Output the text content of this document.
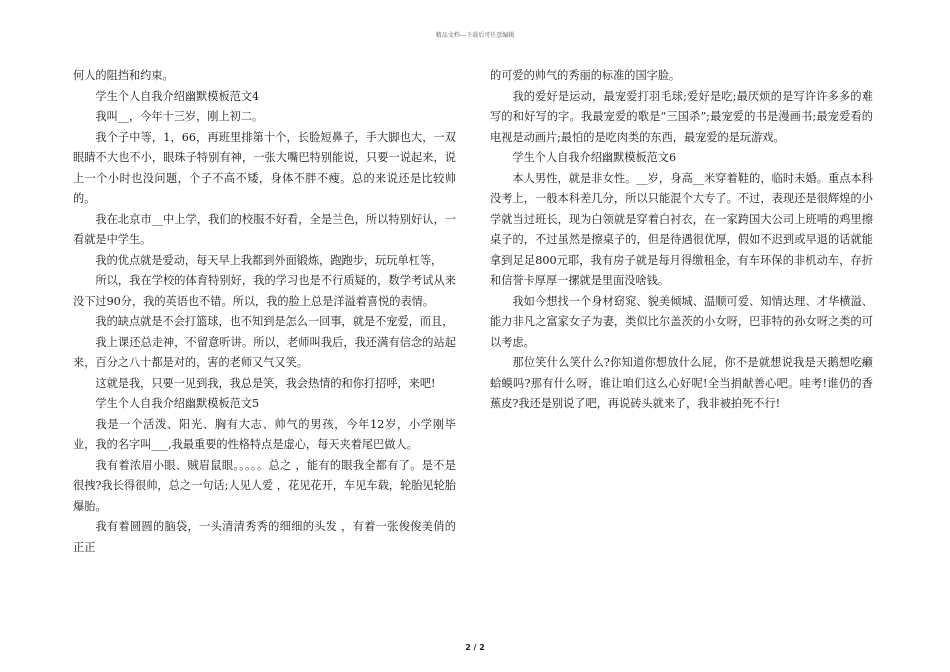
精品文档---下载后可任意编辑

何人的阻挡和约束。

学生个人自我介绍幽默模板范文4

我叫__，今年十三岁，刚上初二。

我个子中等，1，66，再班里排第十个，长脸短鼻子，手大脚也大，一双眼睛不大也不小，眼珠子特别有神，一张大嘴巴特别能说，只要一说起来，说上一个小时也没问题，个子不高不矮，身体不胖不瘦。总的来说还是比较帅的。

我在北京市__中上学，我们的校服不好看，全是兰色，所以特别好认，一看就是中学生。

我的优点就是爱动，每天早上我都到外面锻炼，跑跑步，玩玩单杠等，

所以，我在学校的体育特别好，我的学习也是不行质疑的，数学考试从来没下过90分，我的英语也不错。所以，我的脸上总是洋溢着喜悦的表情。

我的缺点就是不会打篮球，也不知到是怎么一回事，就是不宠爱，而且，

我上课还总走神，不留意听讲。所以，老师叫我后，我还满有信念的站起来，百分之八十都是对的，害的老师又气又笑。

这就是我，只要一见到我，我总是笑，我会热情的和你打招呼，来吧!

学生个人自我介绍幽默模板范文5

我是一个活泼、阳光、胸有大志、帅气的男孩，今年12岁，小学刚毕业，我的名字叫___,我最重要的性格特点是虚心，每天夹着尾巴做人。

我有着浓眉小眼、贼眉鼠眼。。。。。总之 ，能有的眼我全都有了。是不是很拽?我长得很帅，总之一句话;人见人爱 ，花见花开，车见车载，轮胎见轮胎爆胎。

我有着圆圆的脑袋，一头清清秀秀的细细的头发 ，有着一张俊俊美俏的正正

的可爱的帅气的秀丽的标准的国字脸。

我的爱好是运动，最宠爱打羽毛球;爱好是吃;最厌烦的是写许许多多的难写的和好写的字。我最宠爱的歌是“三国杀”;最宠爱的书是漫画书;最宠爱看的电视是动画片;最怕的是吃肉类的东西，最宠爱的是玩游戏。

学生个人自我介绍幽默模板范文6

本人男性，就是非女性。__岁，身高__米穿着鞋的，临时未婚。重点本科没考上，一般本科差几分，所以只能混个大专了。不过，表现还是很辉煌的小学就当过班长，现为白领就是穿着白衬衣，在一家跨国大公司上班啃的鸡里擦桌子的，不过虽然是擦桌子的，但是待遇很优厚，假如不迟到或早退的话就能拿到足足800元耶，我有房子就是每月得缴租金，有车环保的非机动车，存折和信誉卡厚厚一摞就是里面没啥钱。

我如今想找一个身材窈窕、貌美倾城、温顺可爱、知情达理、才华横溢、能力非凡之富家女子为妻，类似比尔盖茨的小女呀，巴菲特的孙女呀之类的可以考虑。

那位笑什么笑什么?你知道你想放什么屁，你不是就想说我是天鹅想吃癞蛤蟆吗?那有什么呀，谁让咱们这么心好呢!全当捐献善心吧。哇考!谁仍的香蕉皮?我还是别说了吧，再说砖头就来了，我非被拍死不行!

2 / 2
